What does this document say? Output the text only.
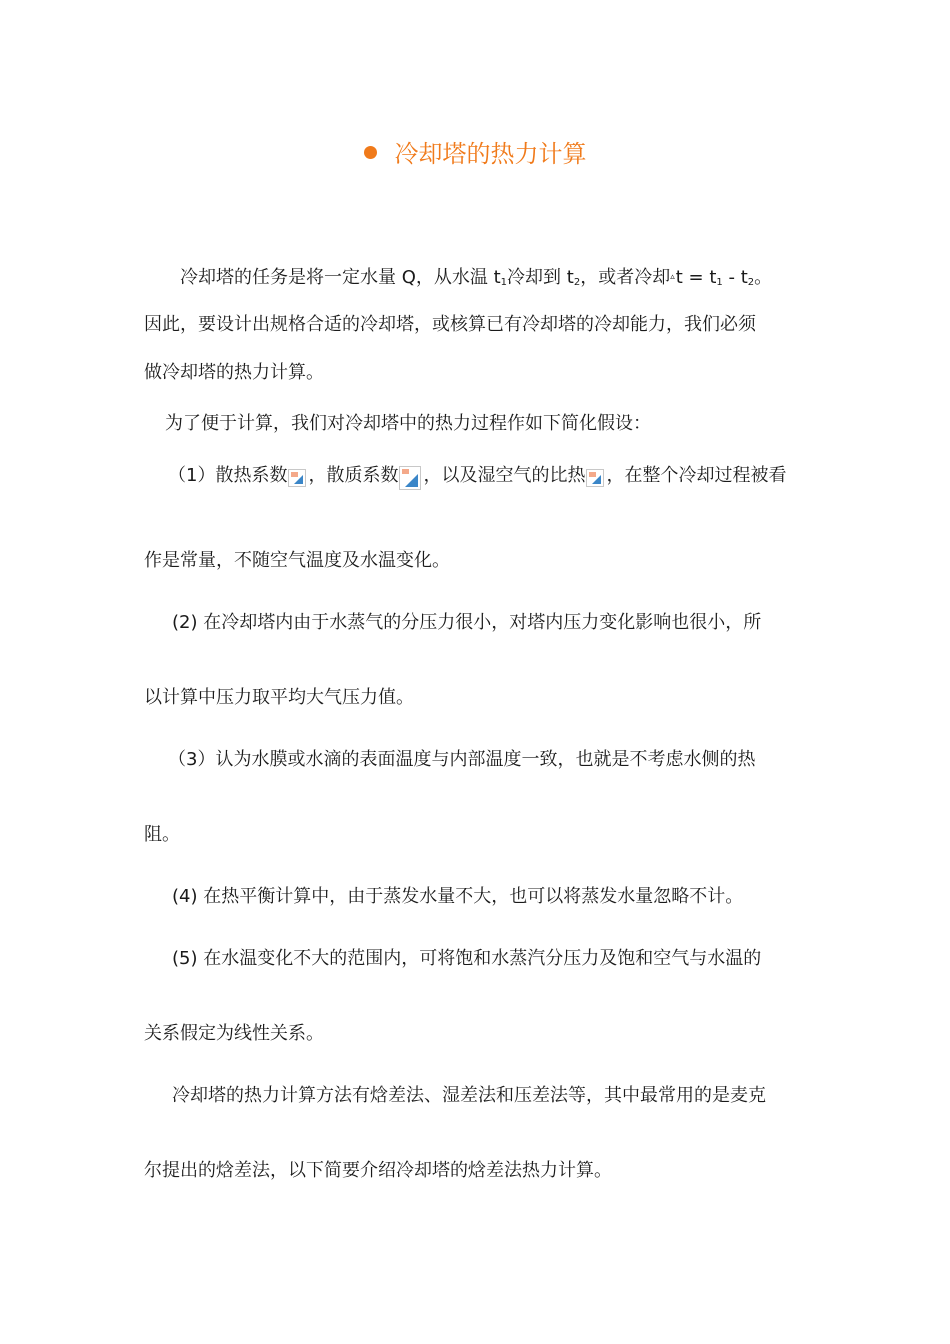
冷却塔的热力计算
冷却塔的任务是将一定水量 Q，从水温 $t_1$冷却到 $t_2$，或者冷却$^▵t = t_1 - t_2$。
因此，要设计出规格合适的冷却塔，或核算已有冷却塔的冷却能力，我们必须
做冷却塔的热力计算。
为了便于计算，我们对冷却塔中的热力过程作如下简化假设：
（1）散热系数 ，散质系数 ，以及湿空气的比热 ，在整个冷却过程被看
作是常量，不随空气温度及水温变化。
(2) 在冷却塔内由于水蒸气的分压力很小，对塔内压力变化影响也很小，所
以计算中压力取平均大气压力值。
（3）认为水膜或水滴的表面温度与内部温度一致，也就是不考虑水侧的热
阻。
(4) 在热平衡计算中，由于蒸发水量不大，也可以将蒸发水量忽略不计。
(5) 在水温变化不大的范围内，可将饱和水蒸汽分压力及饱和空气与水温的
关系假定为线性关系。
冷却塔的热力计算方法有焓差法、湿差法和压差法等，其中最常用的是麦克
尔提出的焓差法，以下简要介绍冷却塔的焓差法热力计算。
